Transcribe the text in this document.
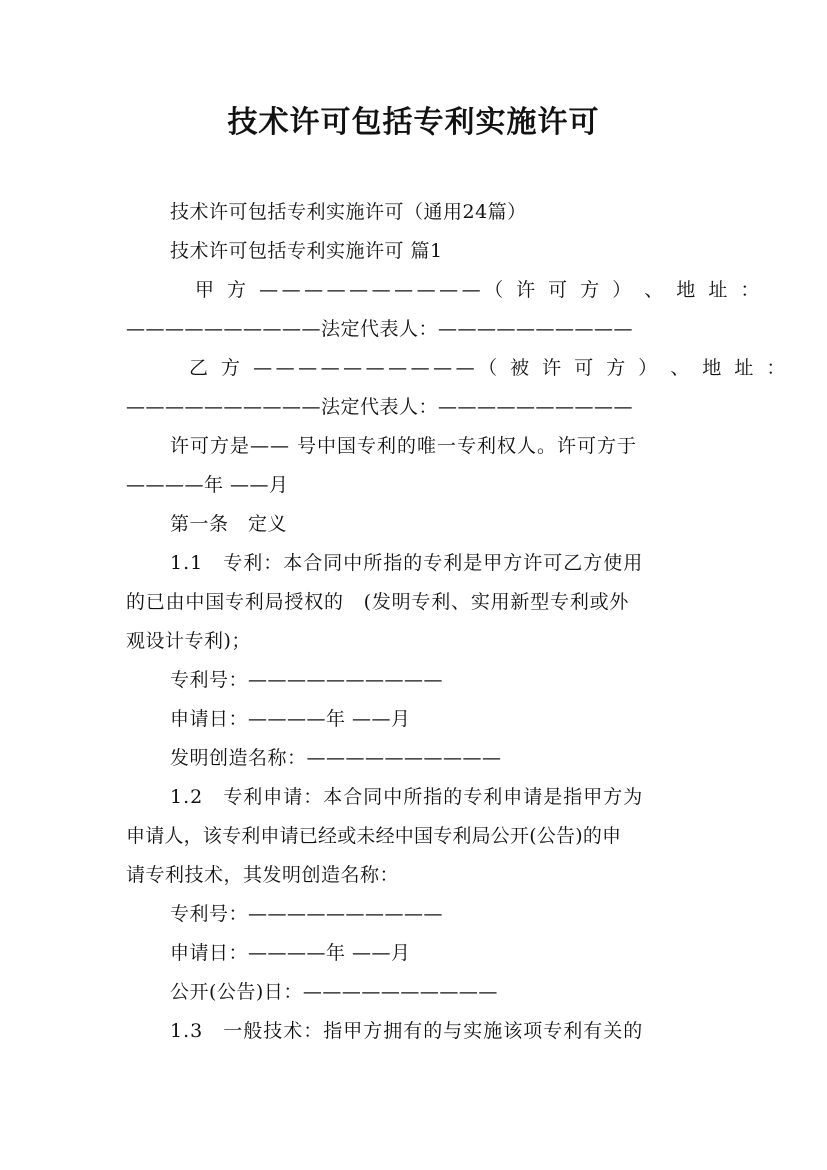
技术许可包括专利实施许可
技术许可包括专利实施许可（通用24篇）
技术许可包括专利实施许可 篇1
甲 方 ——————————（ 许 可 方 ） 、 地 址 ：
——————————法定代表人：——————————
乙 方 ——————————（ 被 许 可 方 ） 、 地 址 ：
——————————法定代表人：——————————
许可方是—— 号中国专利的唯一专利权人。许可方于
————年 ——月
第一条　定义
1.1　专利：本合同中所指的专利是甲方许可乙方使用
的已由中国专利局授权的　(发明专利、实用新型专利或外
观设计专利)；
专利号：——————————
申请日：————年 ——月
发明创造名称：——————————
1.2　专利申请：本合同中所指的专利申请是指甲方为
申请人，该专利申请已经或未经中国专利局公开(公告)的申
请专利技术，其发明创造名称：
专利号：——————————
申请日：————年 ——月
公开(公告)日：——————————
1.3　一般技术：指甲方拥有的与实施该项专利有关的
